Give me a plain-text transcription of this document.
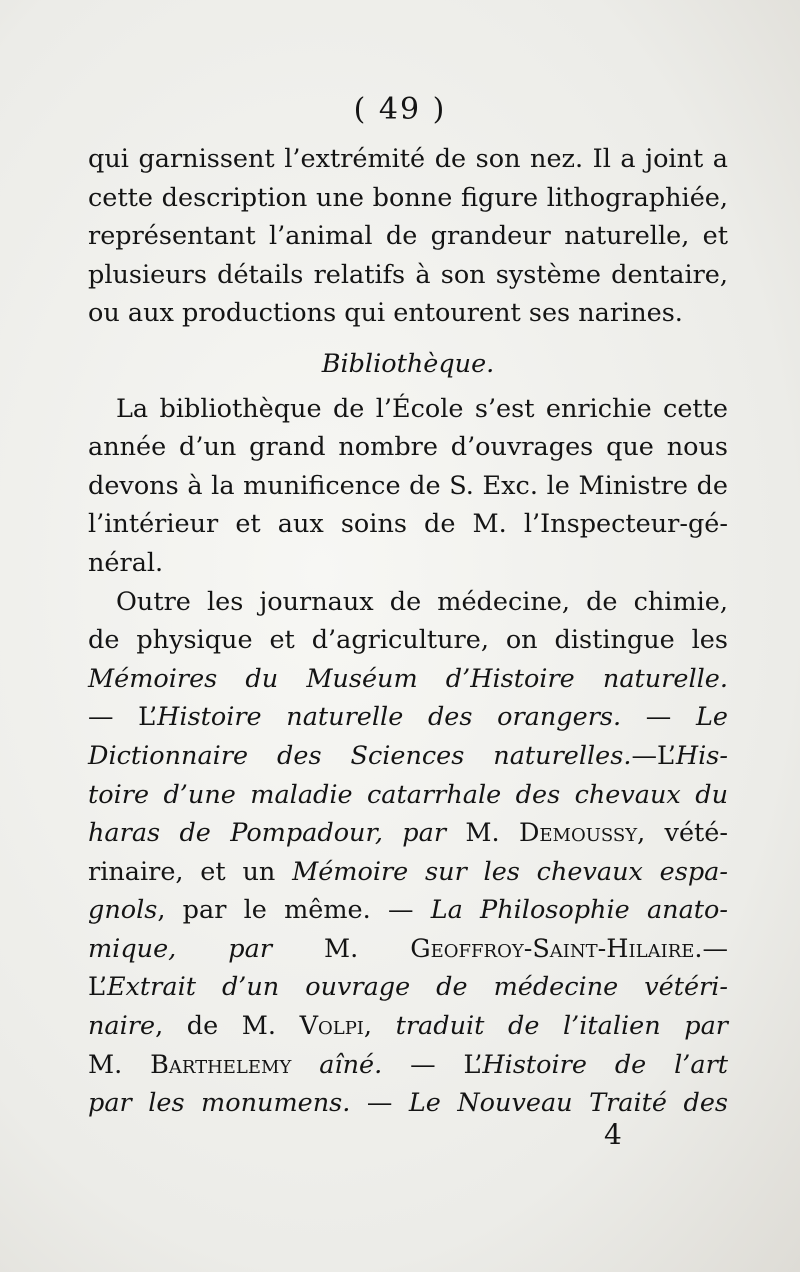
( 49 )
qui garnissent l’extrémité de son nez. Il a joint a
cette description une bonne figure lithographiée,
représentant l’animal de grandeur naturelle, et
plusieurs détails relatifs à son système dentaire,
ou aux productions qui entourent ses narines.
Bibliothèque.
La bibliothèque de l’École s’est enrichie cette
année d’un grand nombre d’ouvrages que nous
devons à la munificence de S. Exc. le Ministre de
l’intérieur et aux soins de M. l’Inspecteur-gé-
néral.
Outre les journaux de médecine, de chimie,
de physique et d’agriculture, on distingue les
Mémoires du Muséum d’Histoire naturelle.
— L’Histoire naturelle des orangers. — Le
Dictionnaire des Sciences naturelles.—L’His-
toire d’une maladie catarrhale des chevaux du
haras de Pompadour, par M. Demoussy, vété-
rinaire, et un Mémoire sur les chevaux espa-
gnols, par le même. — La Philosophie anato-
mique, par M. Geoffroy-Saint-Hilaire.—
L’Extrait d’un ouvrage de médecine vétéri-
naire, de M. Volpi, traduit de l’italien par
M. Barthelemy aîné. — L’Histoire de l’art
par les monumens. — Le Nouveau Traité des
4
